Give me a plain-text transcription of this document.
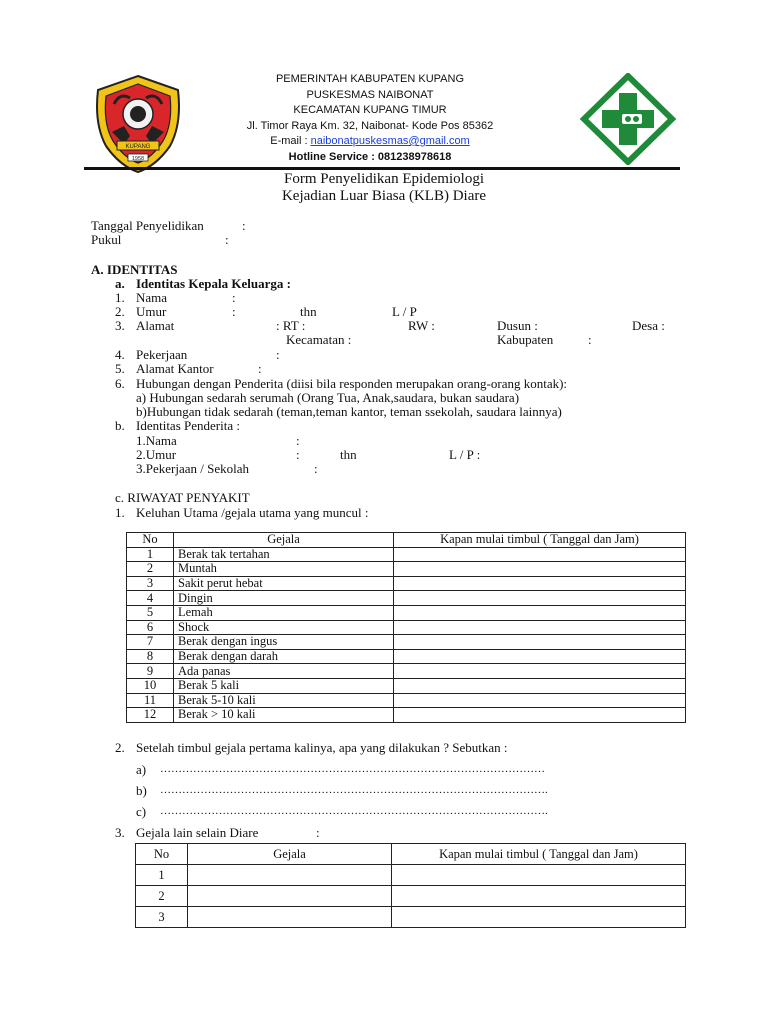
KUPANG
1958
PEMERINTAH KABUPATEN KUPANG
PUSKESMAS NAIBONAT
KECAMATAN KUPANG TIMUR
Jl. Timor Raya Km. 32, Naibonat- Kode Pos 85362
E-mail : naibonatpuskesmas@gmail.com
Hotline Service : 081238978618
Form Penyelidikan Epidemiologi
Kejadian Luar Biasa (KLB) Diare
Tanggal Penyelidikan	:
Pukul	:
A. IDENTITAS
a. Identitas Kepala Keluarga :
1. Nama	:
2. Umur	:	thn	L / P
3. Alamat	: RT :	RW :	Dusun :	Desa :
Kecamatan :	Kabupaten	:
4. Pekerjaan	:
5. Alamat Kantor	:
6. Hubungan dengan Penderita (diisi bila responden merupakan orang-orang kontak):
a) Hubungan sedarah serumah (Orang Tua, Anak,saudara, bukan saudara)
b)Hubungan tidak sedarah (teman,teman kantor, teman ssekolah, saudara lainnya)
b. Identitas Penderita :
1.Nama	:
2.Umur	:	thn	L / P :
3.Pekerjaan / Sekolah	:
c. RIWAYAT PENYAKIT
1. Keluhan Utama /gejala utama yang muncul :
No	Gejala	Kapan mulai timbul ( Tanggal dan Jam)
1	Berak tak tertahan	
2	Muntah	
3	Sakit perut hebat	
4	Dingin	
5	Lemah	
6	Shock	
7	Berak dengan ingus	
8	Berak dengan darah	
9	Ada panas	
10	Berak 5 kali	
11	Berak 5-10 kali	
12	Berak > 10 kali	
2. Setelah timbul gejala pertama kalinya, apa yang dilakukan ? Sebutkan :
a) ……………………………………………………………………………………………
b) …………………………………………………………………………………………….
c) …………………………………………………………………………………………….
3. Gejala lain selain Diare	:
No	Gejala	Kapan mulai timbul ( Tanggal dan Jam)
1		
2		
3		
